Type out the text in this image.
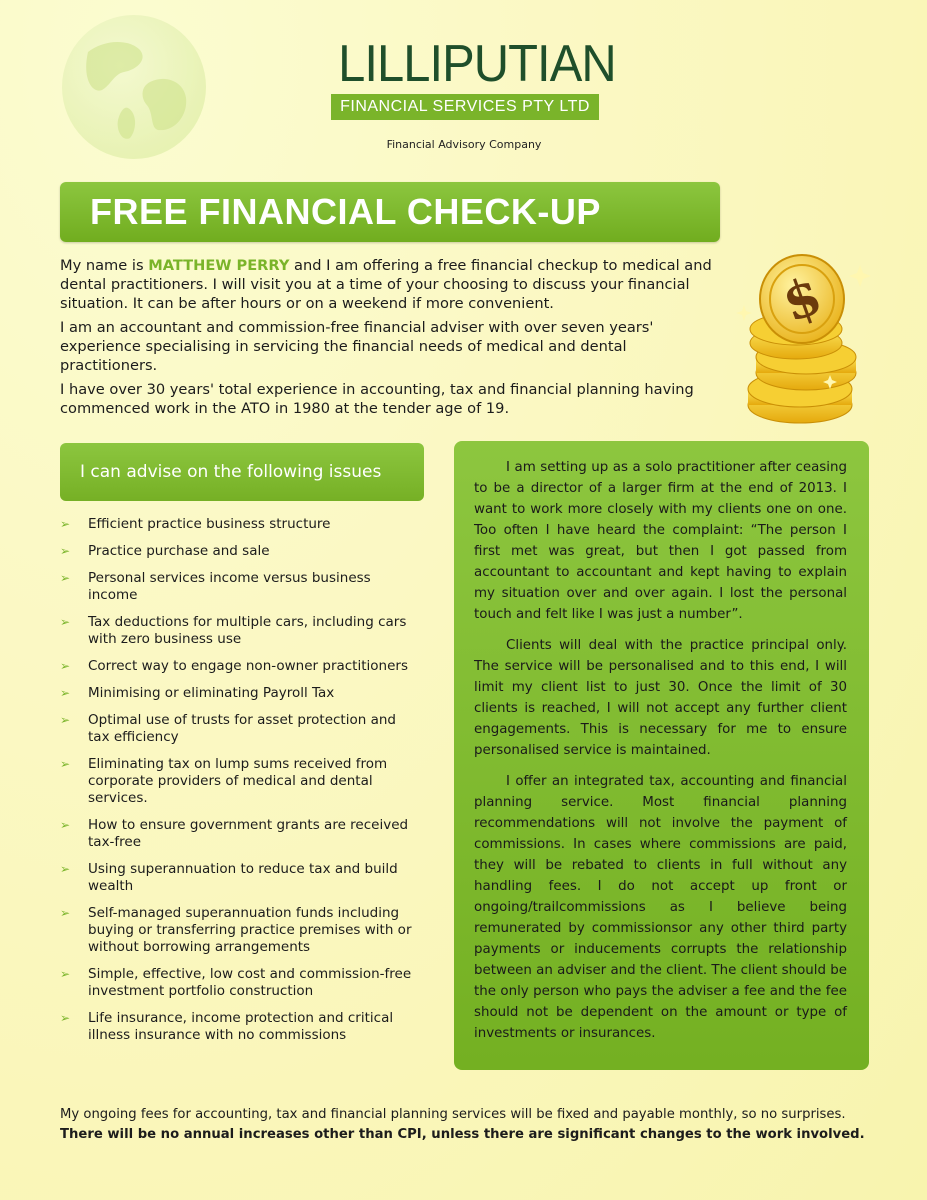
LILLIPUTIAN
FINANCIAL SERVICES PTY LTD
Financial Advisory Company
FREE FINANCIAL CHECK-UP

My name is MATTHEW PERRY and I am offering a free financial checkup to medical and dental practitioners. I will visit you at a time of your choosing to discuss your financial situation. It can be after hours or on a weekend if more convenient.

I am an accountant and commission-free financial adviser with over seven years' experience specialising in servicing the financial needs of medical and dental practitioners.

I have over 30 years' total experience in accounting, tax and financial planning having commenced work in the ATO in 1980 at the tender age of 19.

$
I can advise on the following issues
➢ Efficient practice business structure
➢ Practice purchase and sale
➢ Personal services income versus business income
➢ Tax deductions for multiple cars, including cars with zero business use
➢ Correct way to engage non-owner practitioners
➢ Minimising or eliminating Payroll Tax
➢ Optimal use of trusts for asset protection and tax efficiency
➢ Eliminating tax on lump sums received from corporate providers of medical and dental services.
➢ How to ensure government grants are received tax-free
➢ Using superannuation to reduce tax and build wealth
➢ Self-managed superannuation funds including buying or transferring practice premises with or without borrowing arrangements
➢ Simple, effective, low cost and commission-free investment portfolio construction
➢ Life insurance, income protection and critical illness insurance with no commissions

I am setting up as a solo practitioner after ceasing to be a director of a larger firm at the end of 2013. I want to work more closely with my clients one on one. Too often I have heard the complaint: “The person I first met was great, but then I got passed from accountant to accountant and kept having to explain my situation over and over again. I lost the personal touch and felt like I was just a number”.

Clients will deal with the practice principal only. The service will be personalised and to this end, I will limit my client list to just 30. Once the limit of 30 clients is reached, I will not accept any further client engagements. This is necessary for me to ensure personalised service is maintained.

I offer an integrated tax, accounting and financial planning service. Most financial planning recommendations will not involve the payment of commissions. In cases where commissions are paid, they will be rebated to clients in full without any handling fees. I do not accept up front or ongoing/trailcommissions as I believe being remunerated by commissionsor any other third party payments or inducements corrupts the relationship between an adviser and the client. The client should be the only person who pays the adviser a fee and the fee should not be dependent on the amount or type of investments or insurances.

My ongoing fees for accounting, tax and financial planning services will be fixed and payable monthly, so no surprises.

There will be no annual increases other than CPI, unless there are significant changes to the work involved.
